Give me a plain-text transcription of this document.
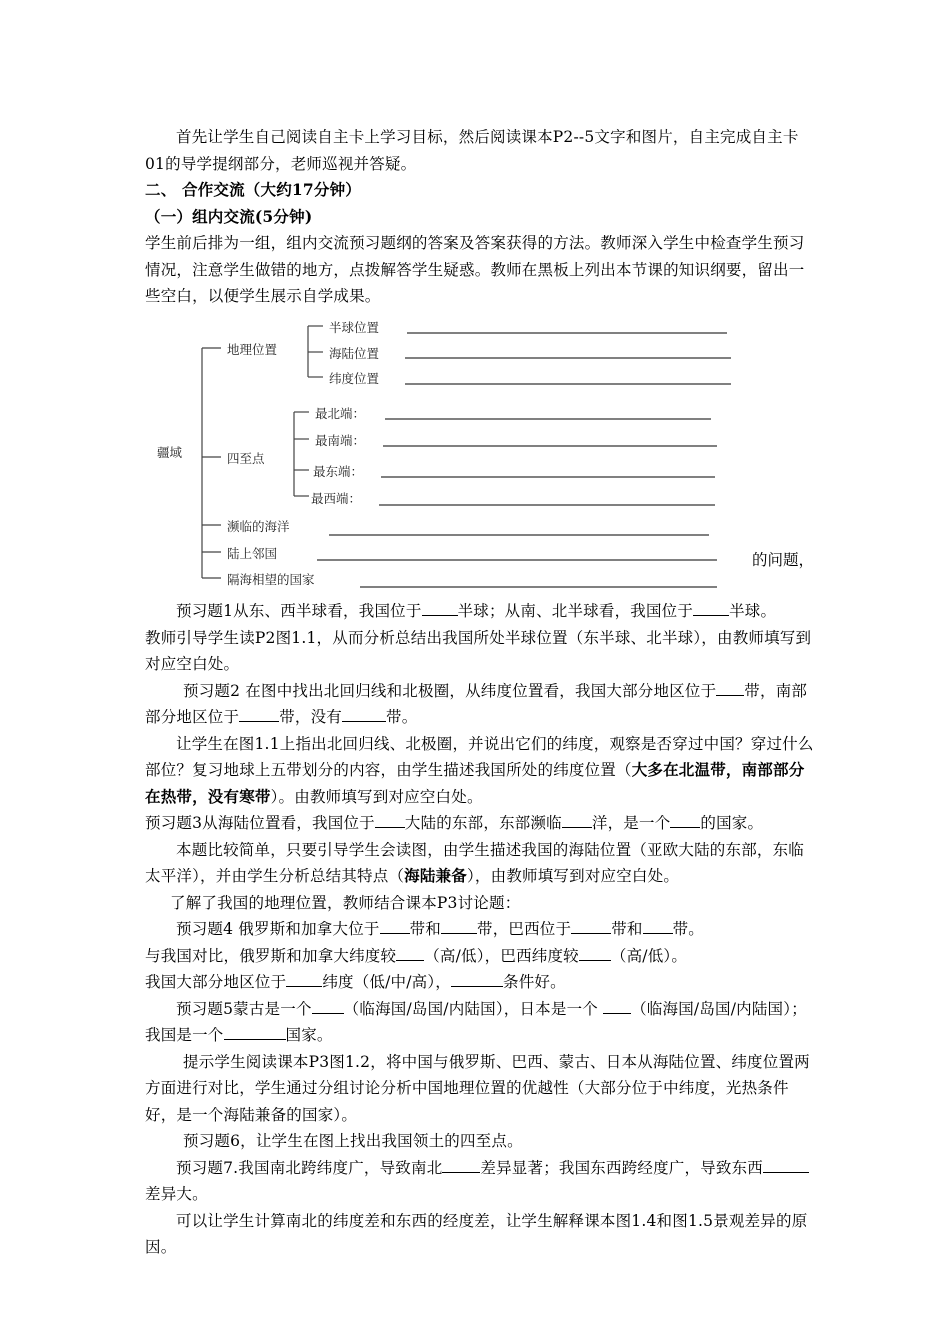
首先让学生自己阅读自主卡上学习目标，然后阅读课本P2--5文字和图片，自主完成自主卡01的导学提纲部分，老师巡视并答疑。

二、 合作交流（大约17分钟）

（一）组内交流(5分钟)

学生前后排为一组，组内交流预习题纲的答案及答案获得的方法。教师深入学生中检查学生预习情况，注意学生做错的地方，点拨解答学生疑惑。教师在黑板上列出本节课的知识纲要，留出一些空白，以便学生展示自学成果。

疆域
地理位置
半球位置
海陆位置
纬度位置
四至点
最北端：
最南端：
最东端：
最西端：
濒临的海洋
陆上邻国
隔海相望的国家
的问题，

预习题1从东、西半球看，我国位于 半球；从南、北半球看，我国位于 半球。

教师引导学生读P2图1.1，从而分析总结出我国所处半球位置（东半球、北半球），由教师填写到对应空白处。

预习题2 在图中找出北回归线和北极圈，从纬度位置看，我国大部分地区位于 带，南部部分地区位于	带，没有	带。

让学生在图1.1上指出北回归线、北极圈，并说出它们的纬度，观察是否穿过中国？穿过什么部位？复习地球上五带划分的内容，由学生描述我国所处的纬度位置（大多在北温带，南部部分在热带，没有寒带）。由教师填写到对应空白处。

预习题3从海陆位置看，我国位于 大陆的东部，东部濒临 洋，是一个 的国家。

本题比较简单，只要引导学生会读图，由学生描述我国的海陆位置（亚欧大陆的东部，东临太平洋），并由学生分析总结其特点（海陆兼备），由教师填写到对应空白处。

了解了我国的地理位置，教师结合课本P3讨论题：

预习题4 俄罗斯和加拿大位于 带和 带，巴西位于	带和 带。

与我国对比，俄罗斯和加拿大纬度较 （高/低），巴西纬度较 （高/低）。

我国大部分地区位于 纬度（低/中/高），	条件好。

预习题5蒙古是一个 （临海国/岛国/内陆国），日本是一个 （临海国/岛国/内陆国）；我国是一个	国家。

提示学生阅读课本P3图1.2，将中国与俄罗斯、巴西、蒙古、日本从海陆位置、纬度位置两方面进行对比，学生通过分组讨论分析中国地理位置的优越性（大部分位于中纬度，光热条件好，是一个海陆兼备的国家）。

预习题6，让学生在图上找出我国领土的四至点。

预习题7.我国南北跨纬度广，导致南北 差异显著；我国东西跨经度广，导致东西差异大。

可以让学生计算南北的纬度差和东西的经度差，让学生解释课本图1.4和图1.5景观差异的原因。
